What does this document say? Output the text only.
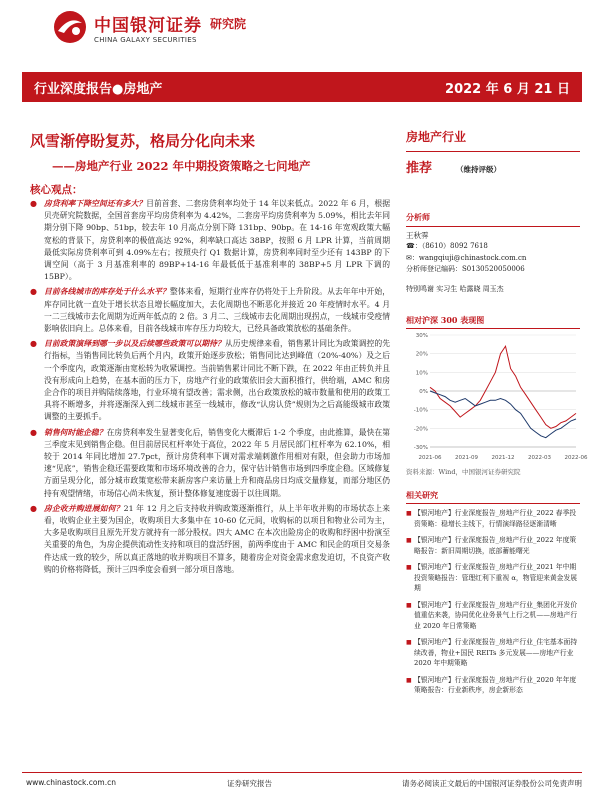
中国银河证券
CHINA GALAXY SECURITIES
研究院
行业深度报告●房地产	2022 年 6 月 21 日
风雪渐停盼复苏，格局分化向未来
——房地产行业 2022 年中期投资策略之七问地产
核心观点：
● 房贷利率下降空间还有多大？目前首套、二套房贷利率均处于 14 年以来低点。2022 年 6 月，根据贝壳研究院数据，全国首套房平均房贷利率为 4.42%，二套房平均房贷利率为 5.09%，相比去年同期分别下降 90bp、51bp，较去年 10 月高点分别下降 131bp、90bp。在 14-16 年宽观政策大幅宽松的背景下，房贷利率的极值高达 92%，利率缺口高达 38BP，按照 6 月 LPR 计算，当前周期最低实际房贷利率可到 4.09%左右；按照央行 Q1 数据计算，房贷利率同时至少还有 143BP 的下调空间（高于 3 月基准利率的 89BP+14-16 年最低低于基准利率的 38BP+5 月 LPR 下调的 15BP）。
● 目前各线城市的库存处于什么水平？整体来看，短期行业库存仍将处于上升阶段。从去年年中开始，库存同比就一直处于增长状态且增长幅度加大，去化周期也不断恶化并接近 20 年疫情时水平。4 月一二三线城市去化周期为近两年低点的 2 倍。3 月二、三线城市去化周期出现拐点，一线城市受疫情影响依旧向上。总体来看，目前各线城市库存压力均较大，已经具备政策放松的基础条件。
● 目前政策演绎到哪一步以及后续哪些政策可以期待？从历史规律来看，销售累计同比为政策调控的先行指标，当销售同比转负后两个月内，政策开始逐步放松；销售同比达到峰值（20%-40%）及之后一个季度内，政策逐渐由宽松转为收紧调控。当前销售累计同比不断下跌，在 2022 年由正转负并且没有形成向上趋势，在基本面的压力下，房地产行业的政策依旧会大面积推行，供给端，AMC 和房企合作的项目并购陆续落地，行业环境有望改善；需求侧，出台政策放松的城市数量和使用的政策工具将不断增多，并将逐渐深入到二线城市甚至一线城市，修改“认房认贷”规则为之后高能级城市政策调整的主要抓手。
● 销售何时能企稳？在房贷利率发生显著变化后，销售变化大概滞后 1-2 个季度，由此推算，最快在第三季度末见到销售企稳。但目前居民杠杆率处于高位，2022 年 5 月居民部门杠杆率为 62.10%，相较于 2014 年同比增加 27.7pct，预计房贷利率下调对需求端刺激作用相对有限，但会助力市场加速“见底”，销售企稳还需要政策和市场环境改善的合力，保守估计销售市场到四季度企稳。区域修复方面呈现分化，部分城市政策宽松带来新房客户来访量上升和商品房日均成交量修复，而部分地区仍持有观望情绪，市场信心尚未恢复，预计整体修复速度弱于以往周期。
● 房企收并购进展如何？21 年 12 月之后支持收并购政策逐渐推行，从上半年收并购的市场状态上来看，收购企业主要为国企，收购项目大多集中在 10-60 亿元间，收购标的以项目和物业公司为主，大多是收购项目且原先开发方就持有一部分股权。四大 AMC 在本次出险房企的收购和纾困中扮演至关重要的角色，为房企提供流动性支持和项目的盘活纾困，前两季度由于 AMC 和民企的项目交易条件达成一致的较少，所以真正落地的收并购项目不算多，随着房企对资金需求愈发迫切，不良资产收购的价格将降低，预计三四季度会看到一部分项目落地。
房地产行业
推荐	（维持评级）
分析师
王秋霁
☎：（8610）8092 7618
✉：wangqiuji@chinastock.com.cn
分析师登记编码：S0130520050006
特别鸣谢 实习生 哈露晓 周玉杰
相对沪深 300 表现图
30%
20%
10%
0%
-10%
-20%
-30%
2021-06 2021-09 2021-12 2022-03 2022-06
资料来源：Wind，中国银河证券研究院
相关研究
■ 【银河地产】行业深度报告_房地产行业_2022 春季投资策略：稳增长主线下，行情演绎路径逐渐清晰
■ 【银河地产】行业深度报告_房地产行业_2022 年度策略报告：新旧周期切换，底部蓄能曙光
■ 【银河地产】行业深度报告_房地产行业_2021 年中期投资策略报告：管理红利下重视 α，物管迎来黄金发展期
■ 【银河地产】行业深度报告_房地产行业_集团化开发价值重估来袭，协同优化业务景气上行之机——房地产行业 2020 年日常策略
■ 【银河地产】行业深度报告_房地产行业_住宅基本面持续改善，物业+国民 REITs 多元发展——房地产行业 2020 年中期策略
■ 【银河地产】行业深度报告_房地产行业_2020 年年度策略报告：行业新秩序，房企新形态
www.chinastock.com.cn	证券研究报告	请务必阅读正文最后的中国银河证券股份公司免责声明
